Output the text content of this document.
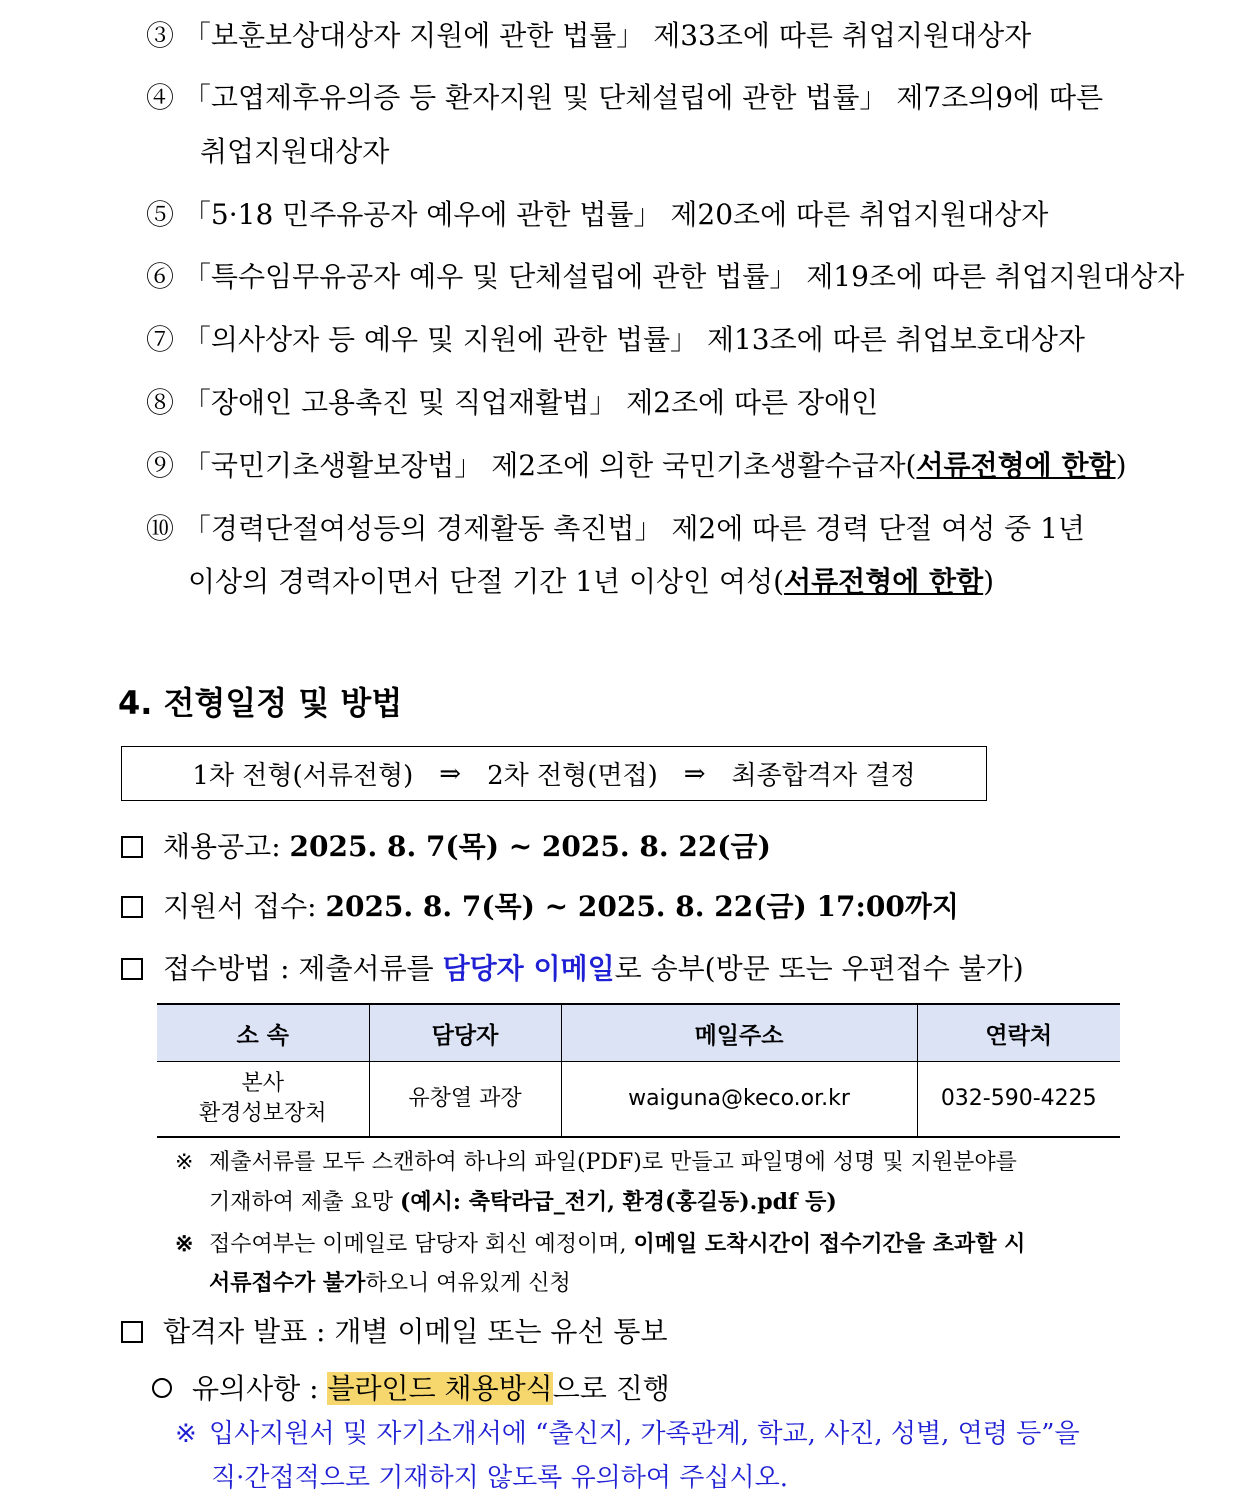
③ 「보훈보상대상자 지원에 관한 법률」 제33조에 따른 취업지원대상자
④ 「고엽제후유의증 등 환자지원 및 단체설립에 관한 법률」 제7조의9에 따른
취업지원대상자
⑤ 「5·18 민주유공자 예우에 관한 법률」 제20조에 따른 취업지원대상자
⑥ 「특수임무유공자 예우 및 단체설립에 관한 법률」 제19조에 따른 취업지원대상자
⑦ 「의사상자 등 예우 및 지원에 관한 법률」 제13조에 따른 취업보호대상자
⑧ 「장애인 고용촉진 및 직업재활법」 제2조에 따른 장애인
⑨ 「국민기초생활보장법」 제2조에 의한 국민기초생활수급자(서류전형에 한함)
⑩ 「경력단절여성등의 경제활동 촉진법」 제2에 따른 경력 단절 여성 중 1년
이상의 경력자이면서 단절 기간 1년 이상인 여성(서류전형에 한함)
4. 전형일정 및 방법
1차 전형(서류전형) ⇒ 2차 전형(면접) ⇒ 최종합격자 결정
채용공고: 2025. 8. 7(목) ~ 2025. 8. 22(금)
지원서 접수: 2025. 8. 7(목) ~ 2025. 8. 22(금) 17:00까지
접수방법 : 제출서류를 담당자 이메일로 송부(방문 또는 우편접수 불가)
소 속	담당자	메일주소	연락처

본사
환경성보장처	유창열 과장	waiguna@keco.or.kr	032-590-4225
※ 제출서류를 모두 스캔하여 하나의 파일(PDF)로 만들고 파일명에 성명 및 지원분야를
기재하여 제출 요망 (예시: 축탁라급_전기, 환경(홍길동).pdf 등)
※ 접수여부는 이메일로 담당자 회신 예정이며, 이메일 도착시간이 접수기간을 초과할 시
서류접수가 불가하오니 여유있게 신청
합격자 발표 : 개별 이메일 또는 유선 통보
유의사항 : 블라인드 채용방식으로 진행
※ 입사지원서 및 자기소개서에 “출신지, 가족관계, 학교, 사진, 성별, 연령 등”을
직·간접적으로 기재하지 않도록 유의하여 주십시오.
